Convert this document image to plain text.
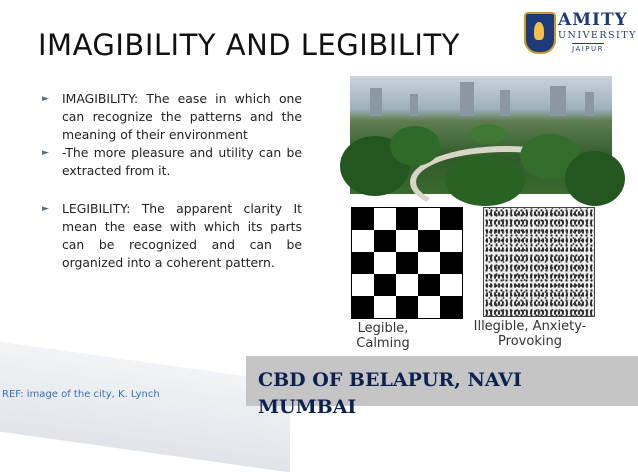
IMAGIBILITY AND LEGIBILITY
AMITY
UNIVERSITY
JAIPUR
► IMAGIBILITY: The ease in which one can recognize the patterns and the meaning of their environment
► -The more pleasure and utility can be extracted from it.
► LEGIBILITY: The apparent clarity It mean the ease with which its parts can be recognized and can be organized into a coherent pattern.
Legible, Calming
Illegible, Anxiety-Provoking
REF: image of the city, K. Lynch
CBD OF BELAPUR, NAVI MUMBAI
